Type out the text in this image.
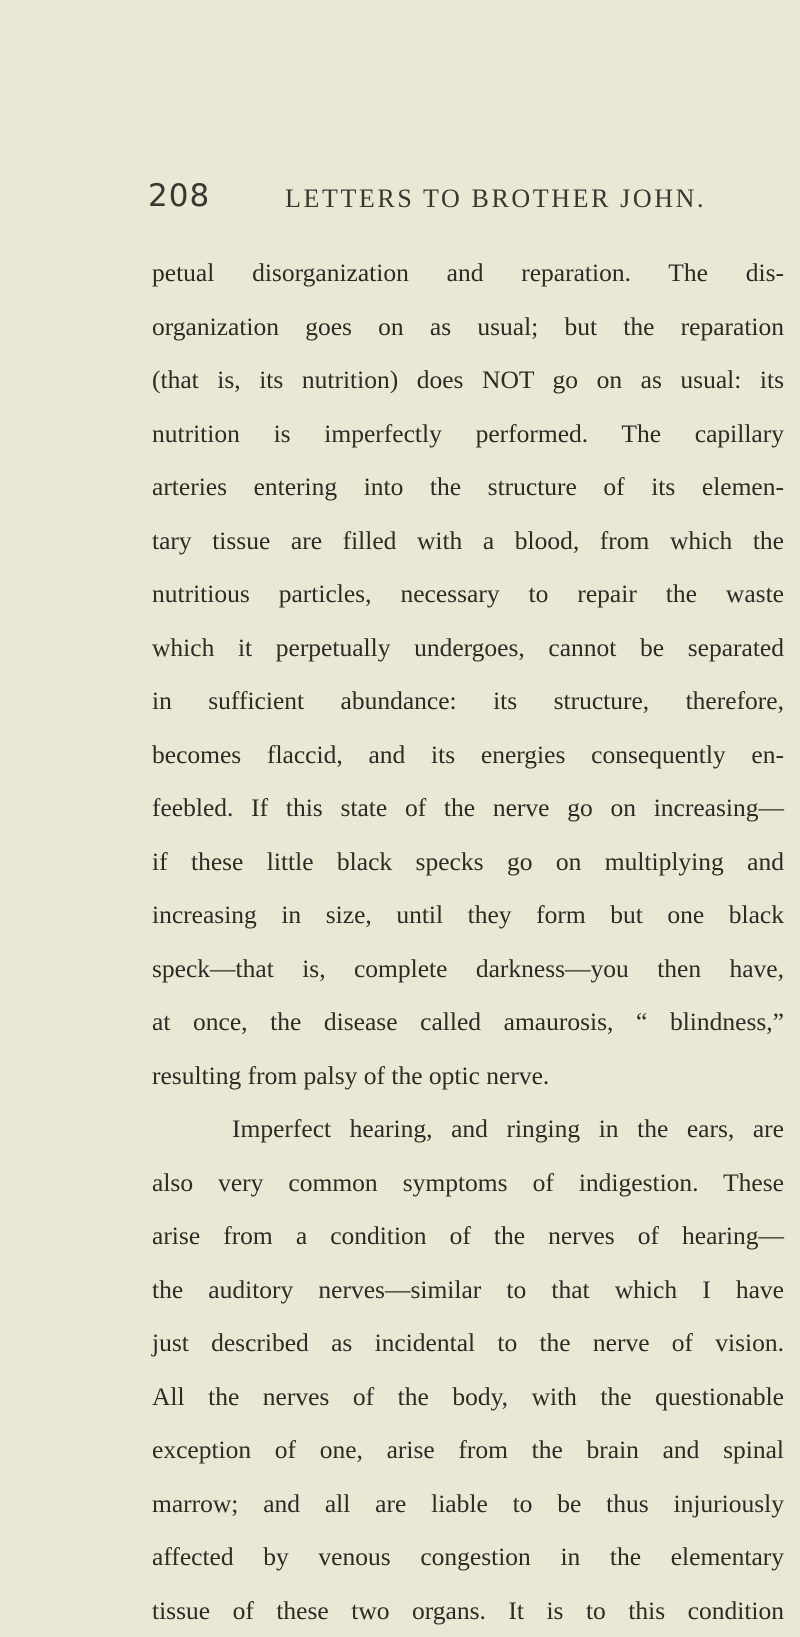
208	LETTERS TO BROTHER JOHN.
petual disorganization and reparation. The dis-
organization goes on as usual; but the reparation
(that is, its nutrition) does NOT go on as usual: its
nutrition is imperfectly performed. The capillary
arteries entering into the structure of its elemen-
tary tissue are filled with a blood, from which the
nutritious particles, necessary to repair the waste
which it perpetually undergoes, cannot be separated
in sufficient abundance: its structure, therefore,
becomes flaccid, and its energies consequently en-
feebled. If this state of the nerve go on increasing—
if these little black specks go on multiplying and
increasing in size, until they form but one black
speck—that is, complete darkness—you then have,
at once, the disease called amaurosis, “ blindness,”
resulting from palsy of the optic nerve.
Imperfect hearing, and ringing in the ears, are
also very common symptoms of indigestion. These
arise from a condition of the nerves of hearing—
the auditory nerves—similar to that which I have
just described as incidental to the nerve of vision.
All the nerves of the body, with the questionable
exception of one, arise from the brain and spinal
marrow; and all are liable to be thus injuriously
affected by venous congestion in the elementary
tissue of these two organs. It is to this condition
